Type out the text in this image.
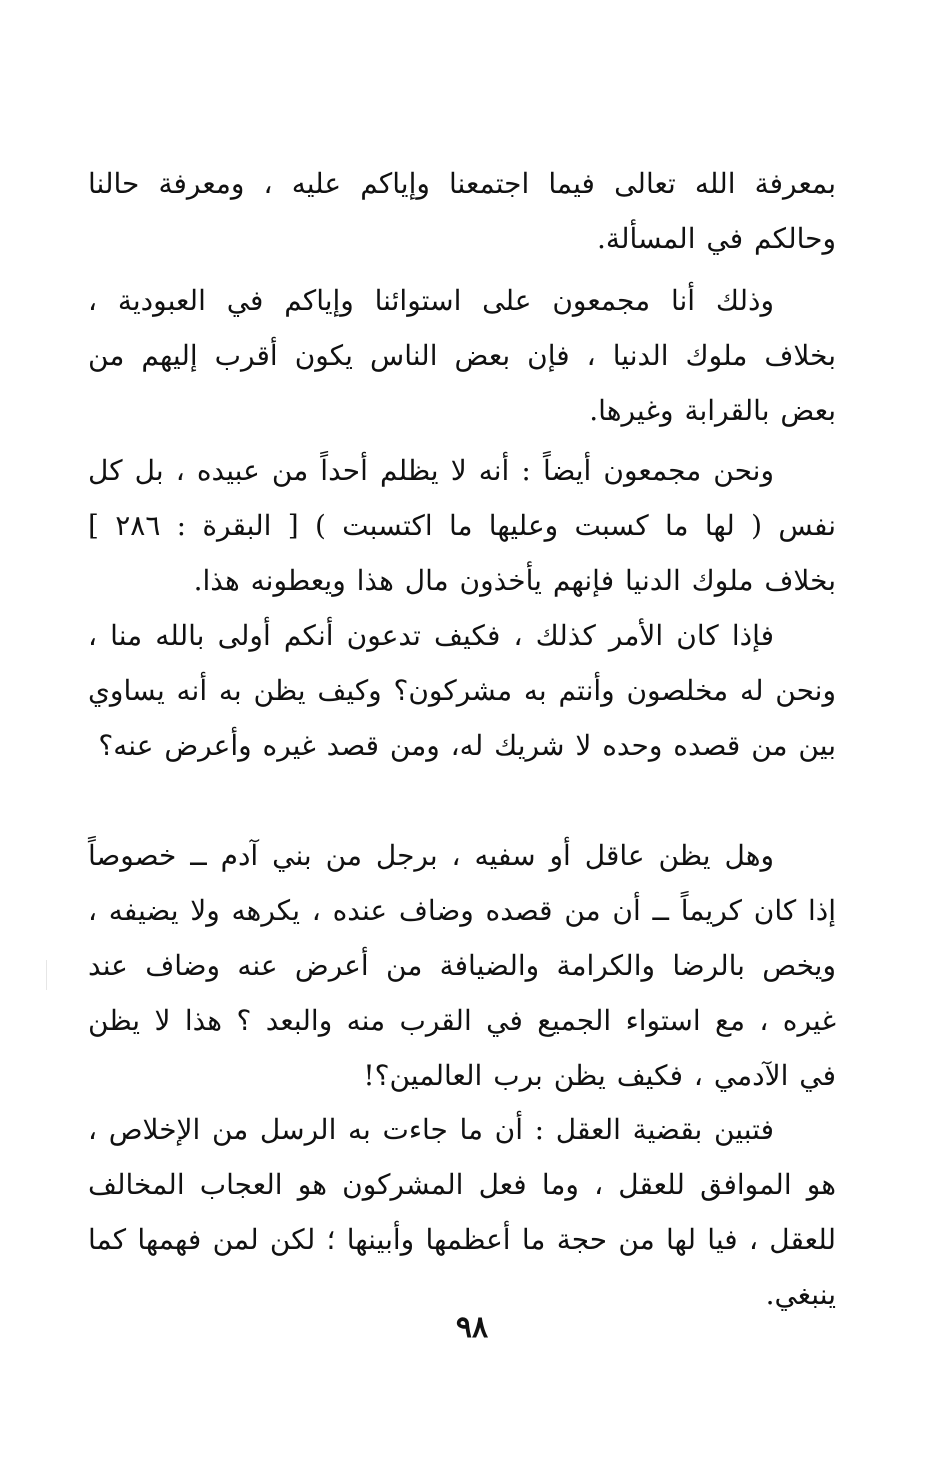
بمعرفة الله تعالى فيما اجتمعنا وإياكم عليه ، ومعرفة حالنا وحالكم في المسألة.

وذلك أنا مجمعون على استوائنا وإياكم في العبودية ، بخلاف ملوك الدنيا ، فإن بعض الناس يكون أقرب إليهم من بعض بالقرابة وغيرها.

ونحن مجمعون أيضاً : أنه لا يظلم أحداً من عبيده ، بل كل نفس ( لها ما كسبت وعليها ما اكتسبت ) [ البقرة : ٢٨٦ ] بخلاف ملوك الدنيا فإنهم يأخذون مال هذا ويعطونه هذا.

فإذا كان الأمر كذلك ، فكيف تدعون أنكم أولى بالله منا ، ونحن له مخلصون وأنتم به مشركون؟ وكيف يظن به أنه يساوي بين من قصده وحده لا شريك له، ومن قصد غيره وأعرض عنه؟

وهل يظن عاقل أو سفيه ، برجل من بني آدم ــ خصوصاً إذا كان كريماً ــ أن من قصده وضاف عنده ، يكرهه ولا يضيفه ، ويخص بالرضا والكرامة والضيافة من أعرض عنه وضاف عند غيره ، مع استواء الجميع في القرب منه والبعد ؟ هذا لا يظن في الآدمي ، فكيف يظن برب العالمين؟!

فتبين بقضية العقل : أن ما جاءت به الرسل من الإخلاص ، هو الموافق للعقل ، وما فعل المشركون هو العجاب المخالف للعقل ، فيا لها من حجة ما أعظمها وأبينها ؛ لكن لمن فهمها كما ينبغي.

٩٨
